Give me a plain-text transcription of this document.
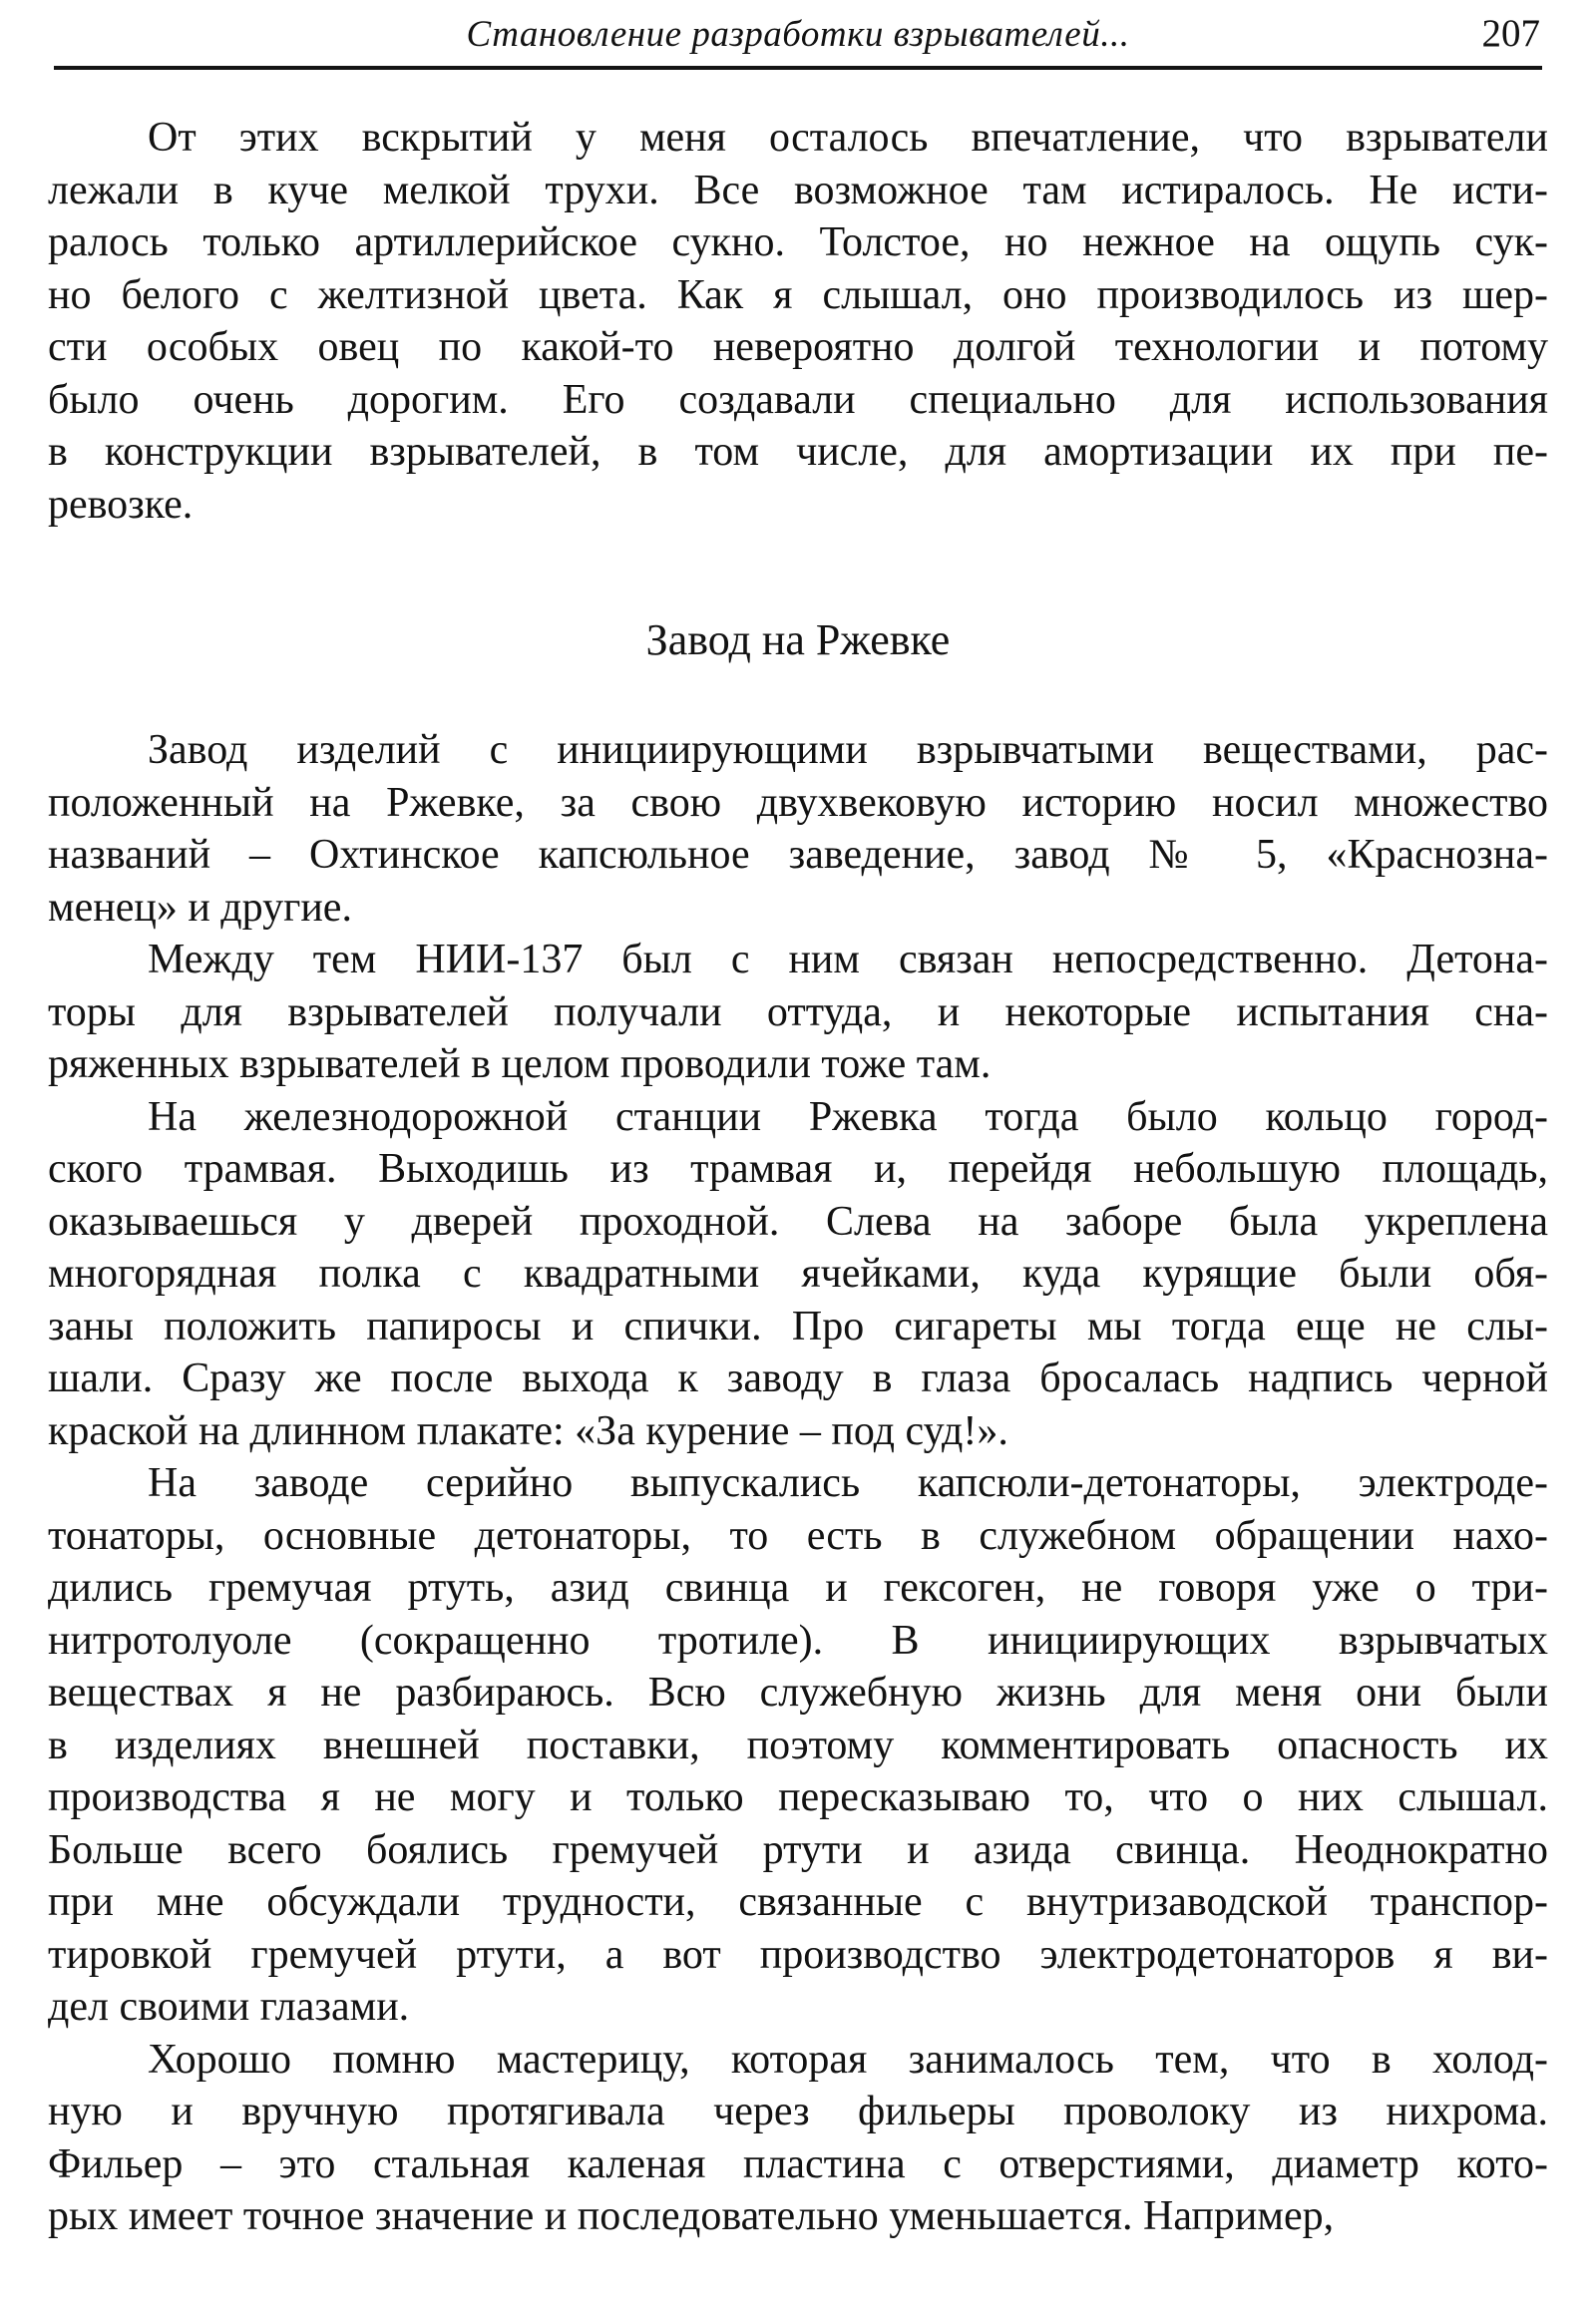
Становление разработки взрывателей...	207
От этих вскрытий у меня осталось впечатление, что взрыватели
лежали в куче мелкой трухи. Все возможное там истиралось. Не исти-
ралось только артиллерийское сукно. Толстое, но нежное на ощупь сук-
но белого с желтизной цвета. Как я слышал, оно производилось из шер-
сти особых овец по какой-то невероятно долгой технологии и потому
было очень дорогим. Его создавали специально для использования
в конструкции взрывателей, в том числе, для амортизации их при пе-
ревозке.
Завод на Ржевке
Завод изделий с инициирующими взрывчатыми веществами, рас-
положенный на Ржевке, за свою двухвековую историю носил множество
названий – Охтинское капсюльное заведение, завод № 5, «Краснозна-
менец» и другие.
Между тем НИИ-137 был с ним связан непосредственно. Детона-
торы для взрывателей получали оттуда, и некоторые испытания сна-
ряженных взрывателей в целом проводили тоже там.
На железнодорожной станции Ржевка тогда было кольцо город-
ского трамвая. Выходишь из трамвая и, перейдя небольшую площадь,
оказываешься у дверей проходной. Слева на заборе была укреплена
многорядная полка с квадратными ячейками, куда курящие были обя-
заны положить папиросы и спички. Про сигареты мы тогда еще не слы-
шали. Сразу же после выхода к заводу в глаза бросалась надпись черной
краской на длинном плакате: «За курение – под суд!».
На заводе серийно выпускались капсюли-детонаторы, электроде-
тонаторы, основные детонаторы, то есть в служебном обращении нахо-
дились гремучая ртуть, азид свинца и гексоген, не говоря уже о три-
нитротолуоле (сокращенно тротиле). В инициирующих взрывчатых
веществах я не разбираюсь. Всю служебную жизнь для меня они были
в изделиях внешней поставки, поэтому комментировать опасность их
производства я не могу и только пересказываю то, что о них слышал.
Больше всего боялись гремучей ртути и азида свинца. Неоднократно
при мне обсуждали трудности, связанные с внутризаводской транспор-
тировкой гремучей ртути, а вот производство электродетонаторов я ви-
дел своими глазами.
Хорошо помню мастерицу, которая занималось тем, что в холод-
ную и вручную протягивала через фильеры проволоку из нихрома.
Фильер – это стальная каленая пластина с отверстиями, диаметр кото-
рых имеет точное значение и последовательно уменьшается. Например,
